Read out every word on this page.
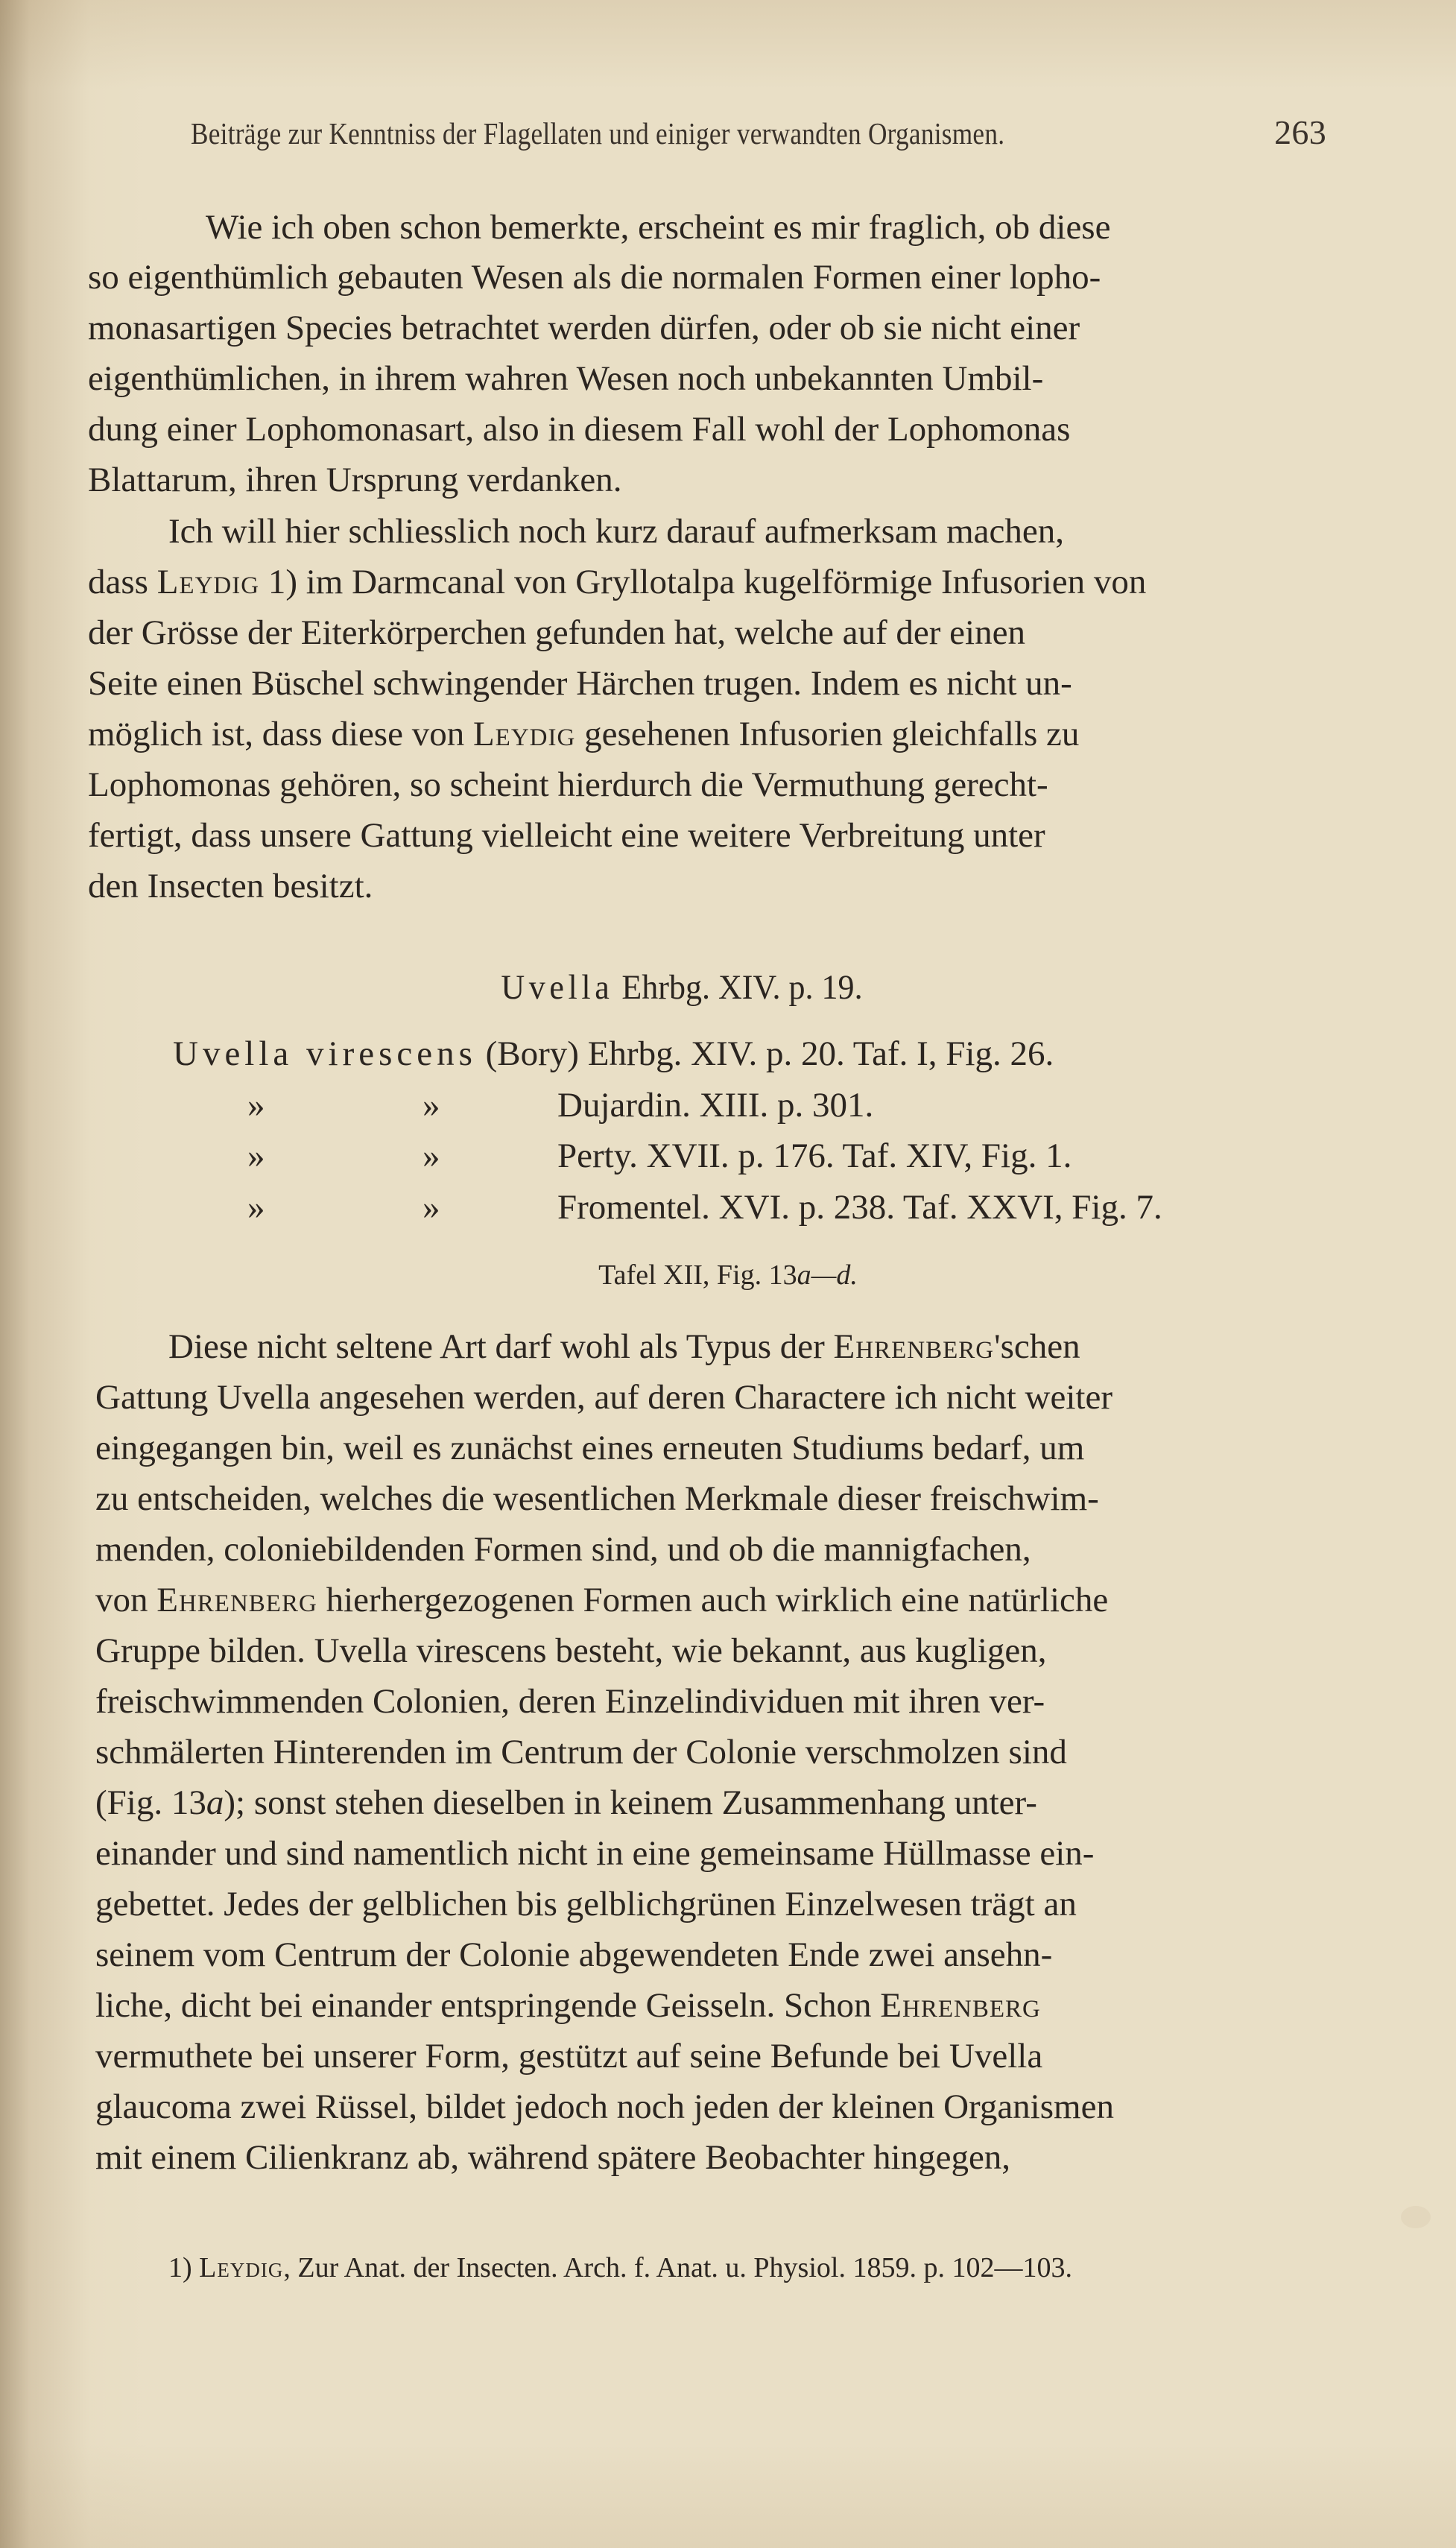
Beiträge zur Kenntniss der Flagellaten und einiger verwandten Organismen.	263
Wie ich oben schon bemerkte, erscheint es mir fraglich, ob diese
so eigenthümlich gebauten Wesen als die normalen Formen einer lopho-
monasartigen Species betrachtet werden dürfen, oder ob sie nicht einer
eigenthümlichen, in ihrem wahren Wesen noch unbekannten Umbil-
dung einer Lophomonasart, also in diesem Fall wohl der Lophomonas
Blattarum, ihren Ursprung verdanken.
Ich will hier schliesslich noch kurz darauf aufmerksam machen,
dass Leydig 1) im Darmcanal von Gryllotalpa kugelförmige Infusorien von
der Grösse der Eiterkörperchen gefunden hat, welche auf der einen
Seite einen Büschel schwingender Härchen trugen. Indem es nicht un-
möglich ist, dass diese von Leydig gesehenen Infusorien gleichfalls zu
Lophomonas gehören, so scheint hierdurch die Vermuthung gerecht-
fertigt, dass unsere Gattung vielleicht eine weitere Verbreitung unter
den Insecten besitzt.
Uvella Ehrbg. XIV. p. 19.
Uvella virescens (Bory) Ehrbg. XIV. p. 20. Taf. I, Fig. 26.
»	»	Dujardin. XIII. p. 301.
»	»	Perty. XVII. p. 176. Taf. XIV, Fig. 1.
»	»	Fromentel. XVI. p. 238. Taf. XXVI, Fig. 7.
Tafel XII, Fig. 13a—d.
Diese nicht seltene Art darf wohl als Typus der Ehrenberg'schen
Gattung Uvella angesehen werden, auf deren Charactere ich nicht weiter
eingegangen bin, weil es zunächst eines erneuten Studiums bedarf, um
zu entscheiden, welches die wesentlichen Merkmale dieser freischwim-
menden, coloniebildenden Formen sind, und ob die mannigfachen,
von Ehrenberg hierhergezogenen Formen auch wirklich eine natürliche
Gruppe bilden. Uvella virescens besteht, wie bekannt, aus kugligen,
freischwimmenden Colonien, deren Einzelindividuen mit ihren ver-
schmälerten Hinterenden im Centrum der Colonie verschmolzen sind
(Fig. 13a); sonst stehen dieselben in keinem Zusammenhang unter-
einander und sind namentlich nicht in eine gemeinsame Hüllmasse ein-
gebettet. Jedes der gelblichen bis gelblichgrünen Einzelwesen trägt an
seinem vom Centrum der Colonie abgewendeten Ende zwei ansehn-
liche, dicht bei einander entspringende Geisseln. Schon Ehrenberg
vermuthete bei unserer Form, gestützt auf seine Befunde bei Uvella
glaucoma zwei Rüssel, bildet jedoch noch jeden der kleinen Organismen
mit einem Cilienkranz ab, während spätere Beobachter hingegen,
1) Leydig, Zur Anat. der Insecten. Arch. f. Anat. u. Physiol. 1859. p. 102—103.
